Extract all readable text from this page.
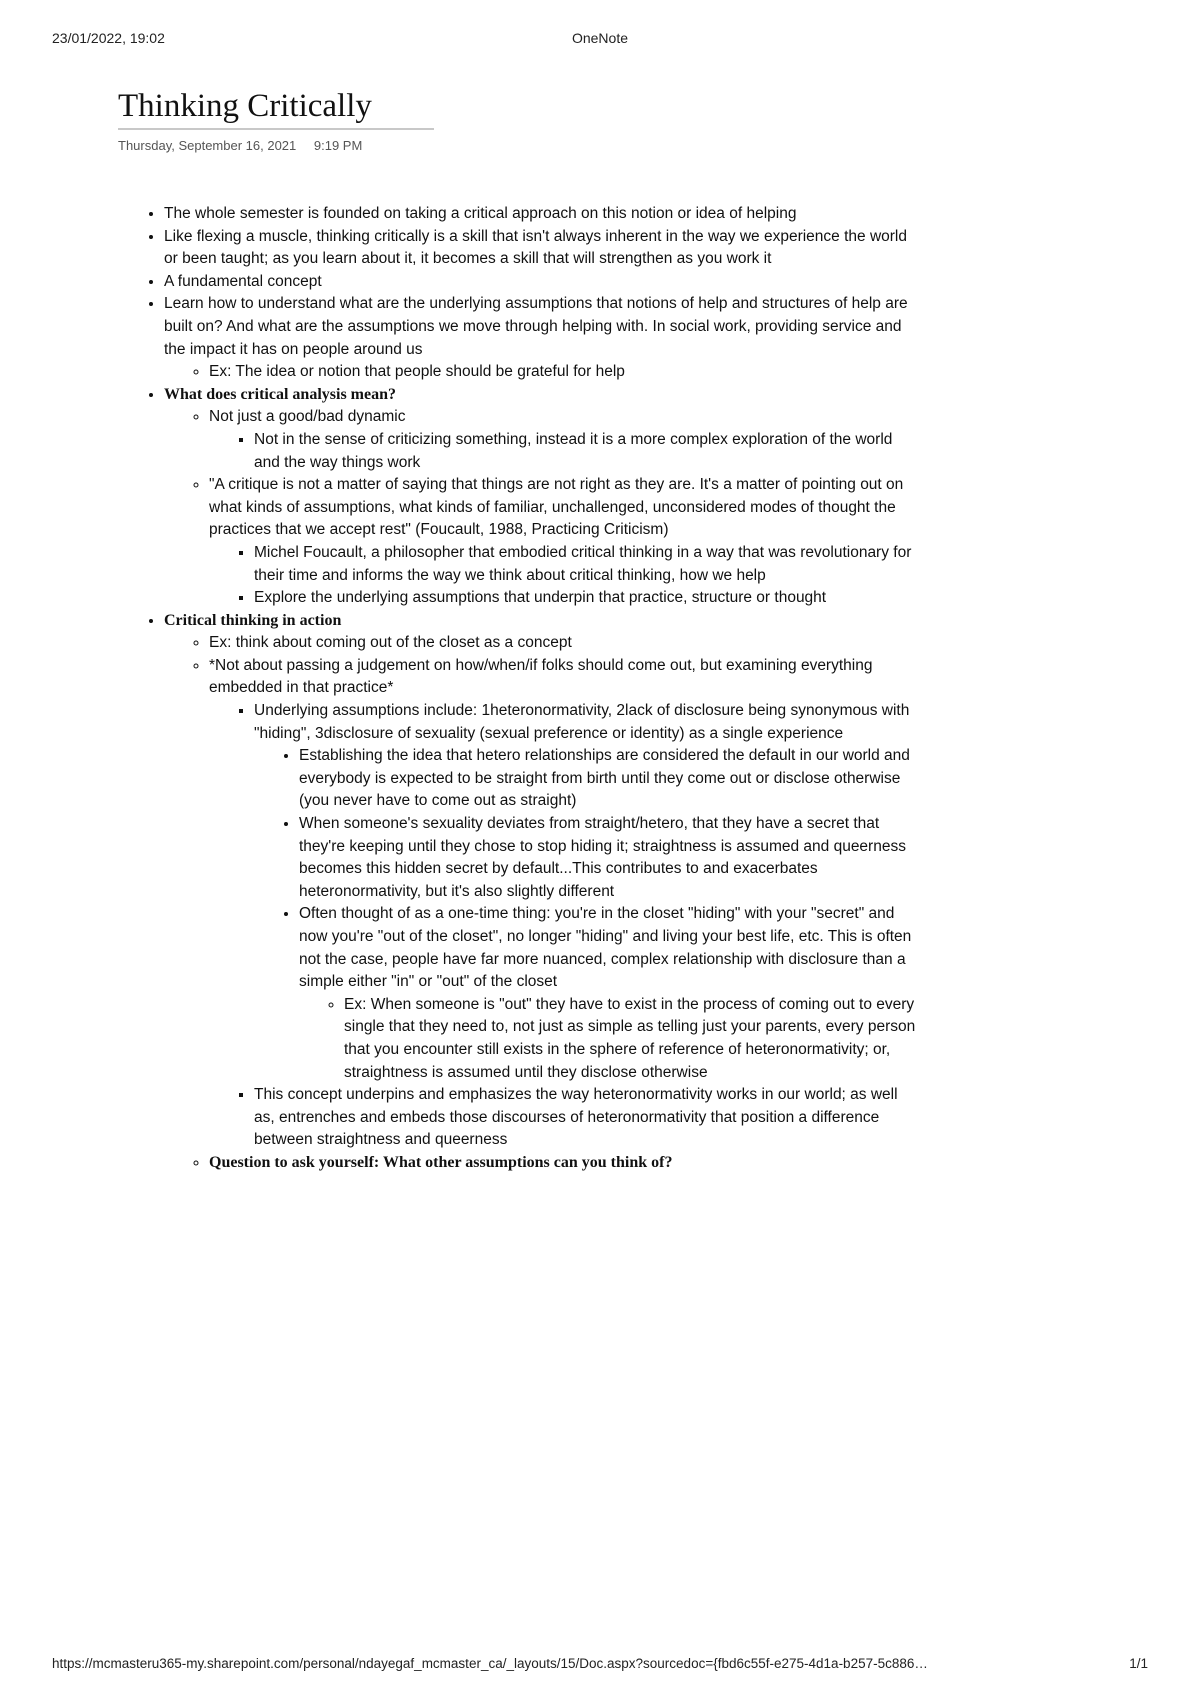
23/01/2022, 19:02	OneNote
Thinking Critically
Thursday, September 16, 2021 9:19 PM
• The whole semester is founded on taking a critical approach on this notion or idea of helping
• Like flexing a muscle, thinking critically is a skill that isn't always inherent in the way we experience the world or been taught; as you learn about it, it becomes a skill that will strengthen as you work it
• A fundamental concept
• Learn how to understand what are the underlying assumptions that notions of help and structures of help are built on? And what are the assumptions we move through helping with. In social work, providing service and the impact it has on people around us
◦ Ex: The idea or notion that people should be grateful for help
• What does critical analysis mean?
◦ Not just a good/bad dynamic
▪ Not in the sense of criticizing something, instead it is a more complex exploration of the world and the way things work
◦ "A critique is not a matter of saying that things are not right as they are. It's a matter of pointing out on what kinds of assumptions, what kinds of familiar, unchallenged, unconsidered modes of thought the practices that we accept rest" (Foucault, 1988, Practicing Criticism)
▪ Michel Foucault, a philosopher that embodied critical thinking in a way that was revolutionary for their time and informs the way we think about critical thinking, how we help
▪ Explore the underlying assumptions that underpin that practice, structure or thought
• Critical thinking in action
◦ Ex: think about coming out of the closet as a concept
◦ *Not about passing a judgement on how/when/if folks should come out, but examining everything embedded in that practice*
▪ Underlying assumptions include: 1heteronormativity, 2lack of disclosure being synonymous with "hiding", 3disclosure of sexuality (sexual preference or identity) as a single experience
• Establishing the idea that hetero relationships are considered the default in our world and everybody is expected to be straight from birth until they come out or disclose otherwise (you never have to come out as straight)
• When someone's sexuality deviates from straight/hetero, that they have a secret that they're keeping until they chose to stop hiding it; straightness is assumed and queerness becomes this hidden secret by default...This contributes to and exacerbates heteronormativity, but it's also slightly different
• Often thought of as a one-time thing: you're in the closet "hiding" with your "secret" and now you're "out of the closet", no longer "hiding" and living your best life, etc. This is often not the case, people have far more nuanced, complex relationship with disclosure than a simple either "in" or "out" of the closet
◦ Ex: When someone is "out" they have to exist in the process of coming out to every single that they need to, not just as simple as telling just your parents, every person that you encounter still exists in the sphere of reference of heteronormativity; or, straightness is assumed until they disclose otherwise
▪ This concept underpins and emphasizes the way heteronormativity works in our world; as well as, entrenches and embeds those discourses of heteronormativity that position a difference between straightness and queerness
◦ Question to ask yourself: What other assumptions can you think of?
https://mcmasteru365-my.sharepoint.com/personal/ndayegaf_mcmaster_ca/_layouts/15/Doc.aspx?sourcedoc={fbd6c55f-e275-4d1a-b257-5c886…	1/1
